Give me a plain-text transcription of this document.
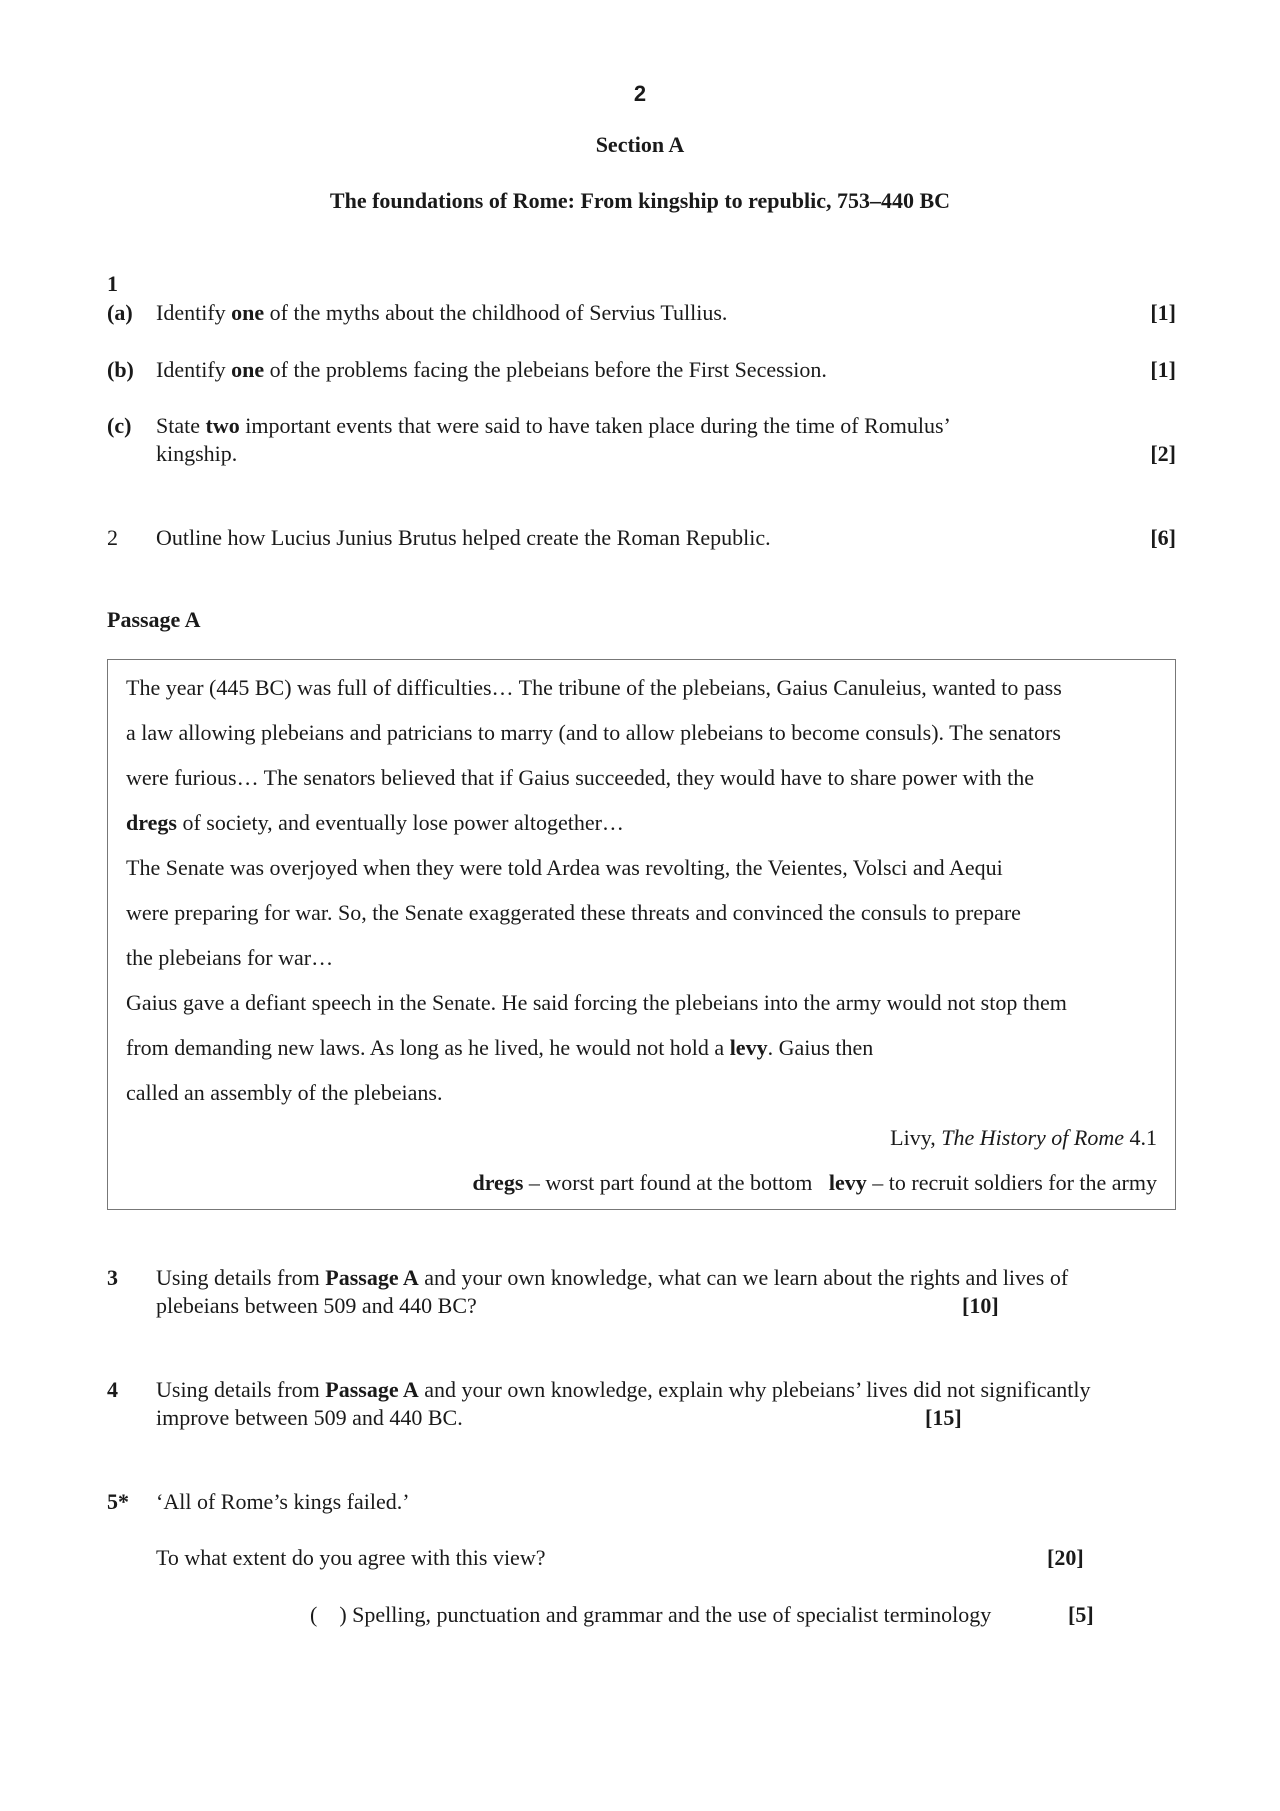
2
Section A
The foundations of Rome: From kingship to republic, 753–440 BC
1
(a) Identify one of the myths about the childhood of Servius Tullius.	[1]
(b) Identify one of the problems facing the plebeians before the First Secession.	[1]
(c) State two important events that were said to have taken place during the time of Romulus’
kingship.	[2]
2 Outline how Lucius Junius Brutus helped create the Roman Republic.	[6]
Passage A
The year (445 BC) was full of difficulties… The tribune of the plebeians, Gaius Canuleius, wanted to pass
a law allowing plebeians and patricians to marry (and to allow plebeians to become consuls). The senators
were furious… The senators believed that if Gaius succeeded, they would have to share power with the
dregs of society, and eventually lose power altogether…
The Senate was overjoyed when they were told Ardea was revolting, the Veientes, Volsci and Aequi
were preparing for war. So, the Senate exaggerated these threats and convinced the consuls to prepare
the plebeians for war…
Gaius gave a defiant speech in the Senate. He said forcing the plebeians into the army would not stop them
from demanding new laws. As long as he lived, he would not hold a levy. Gaius then
called an assembly of the plebeians.
Livy, The History of Rome 4.1
dregs – worst part found at the bottom levy – to recruit soldiers for the army
3 Using details from Passage A and your own knowledge, what can we learn about the rights and lives of
plebeians between 509 and 440 BC?	[10]
4 Using details from Passage A and your own knowledge, explain why plebeians’ lives did not significantly
improve between 509 and 440 BC.	[15]
5* ‘All of Rome’s kings failed.’
To what extent do you agree with this view?	[20]
(    ) Spelling, punctuation and grammar and the use of specialist terminology	[5]
